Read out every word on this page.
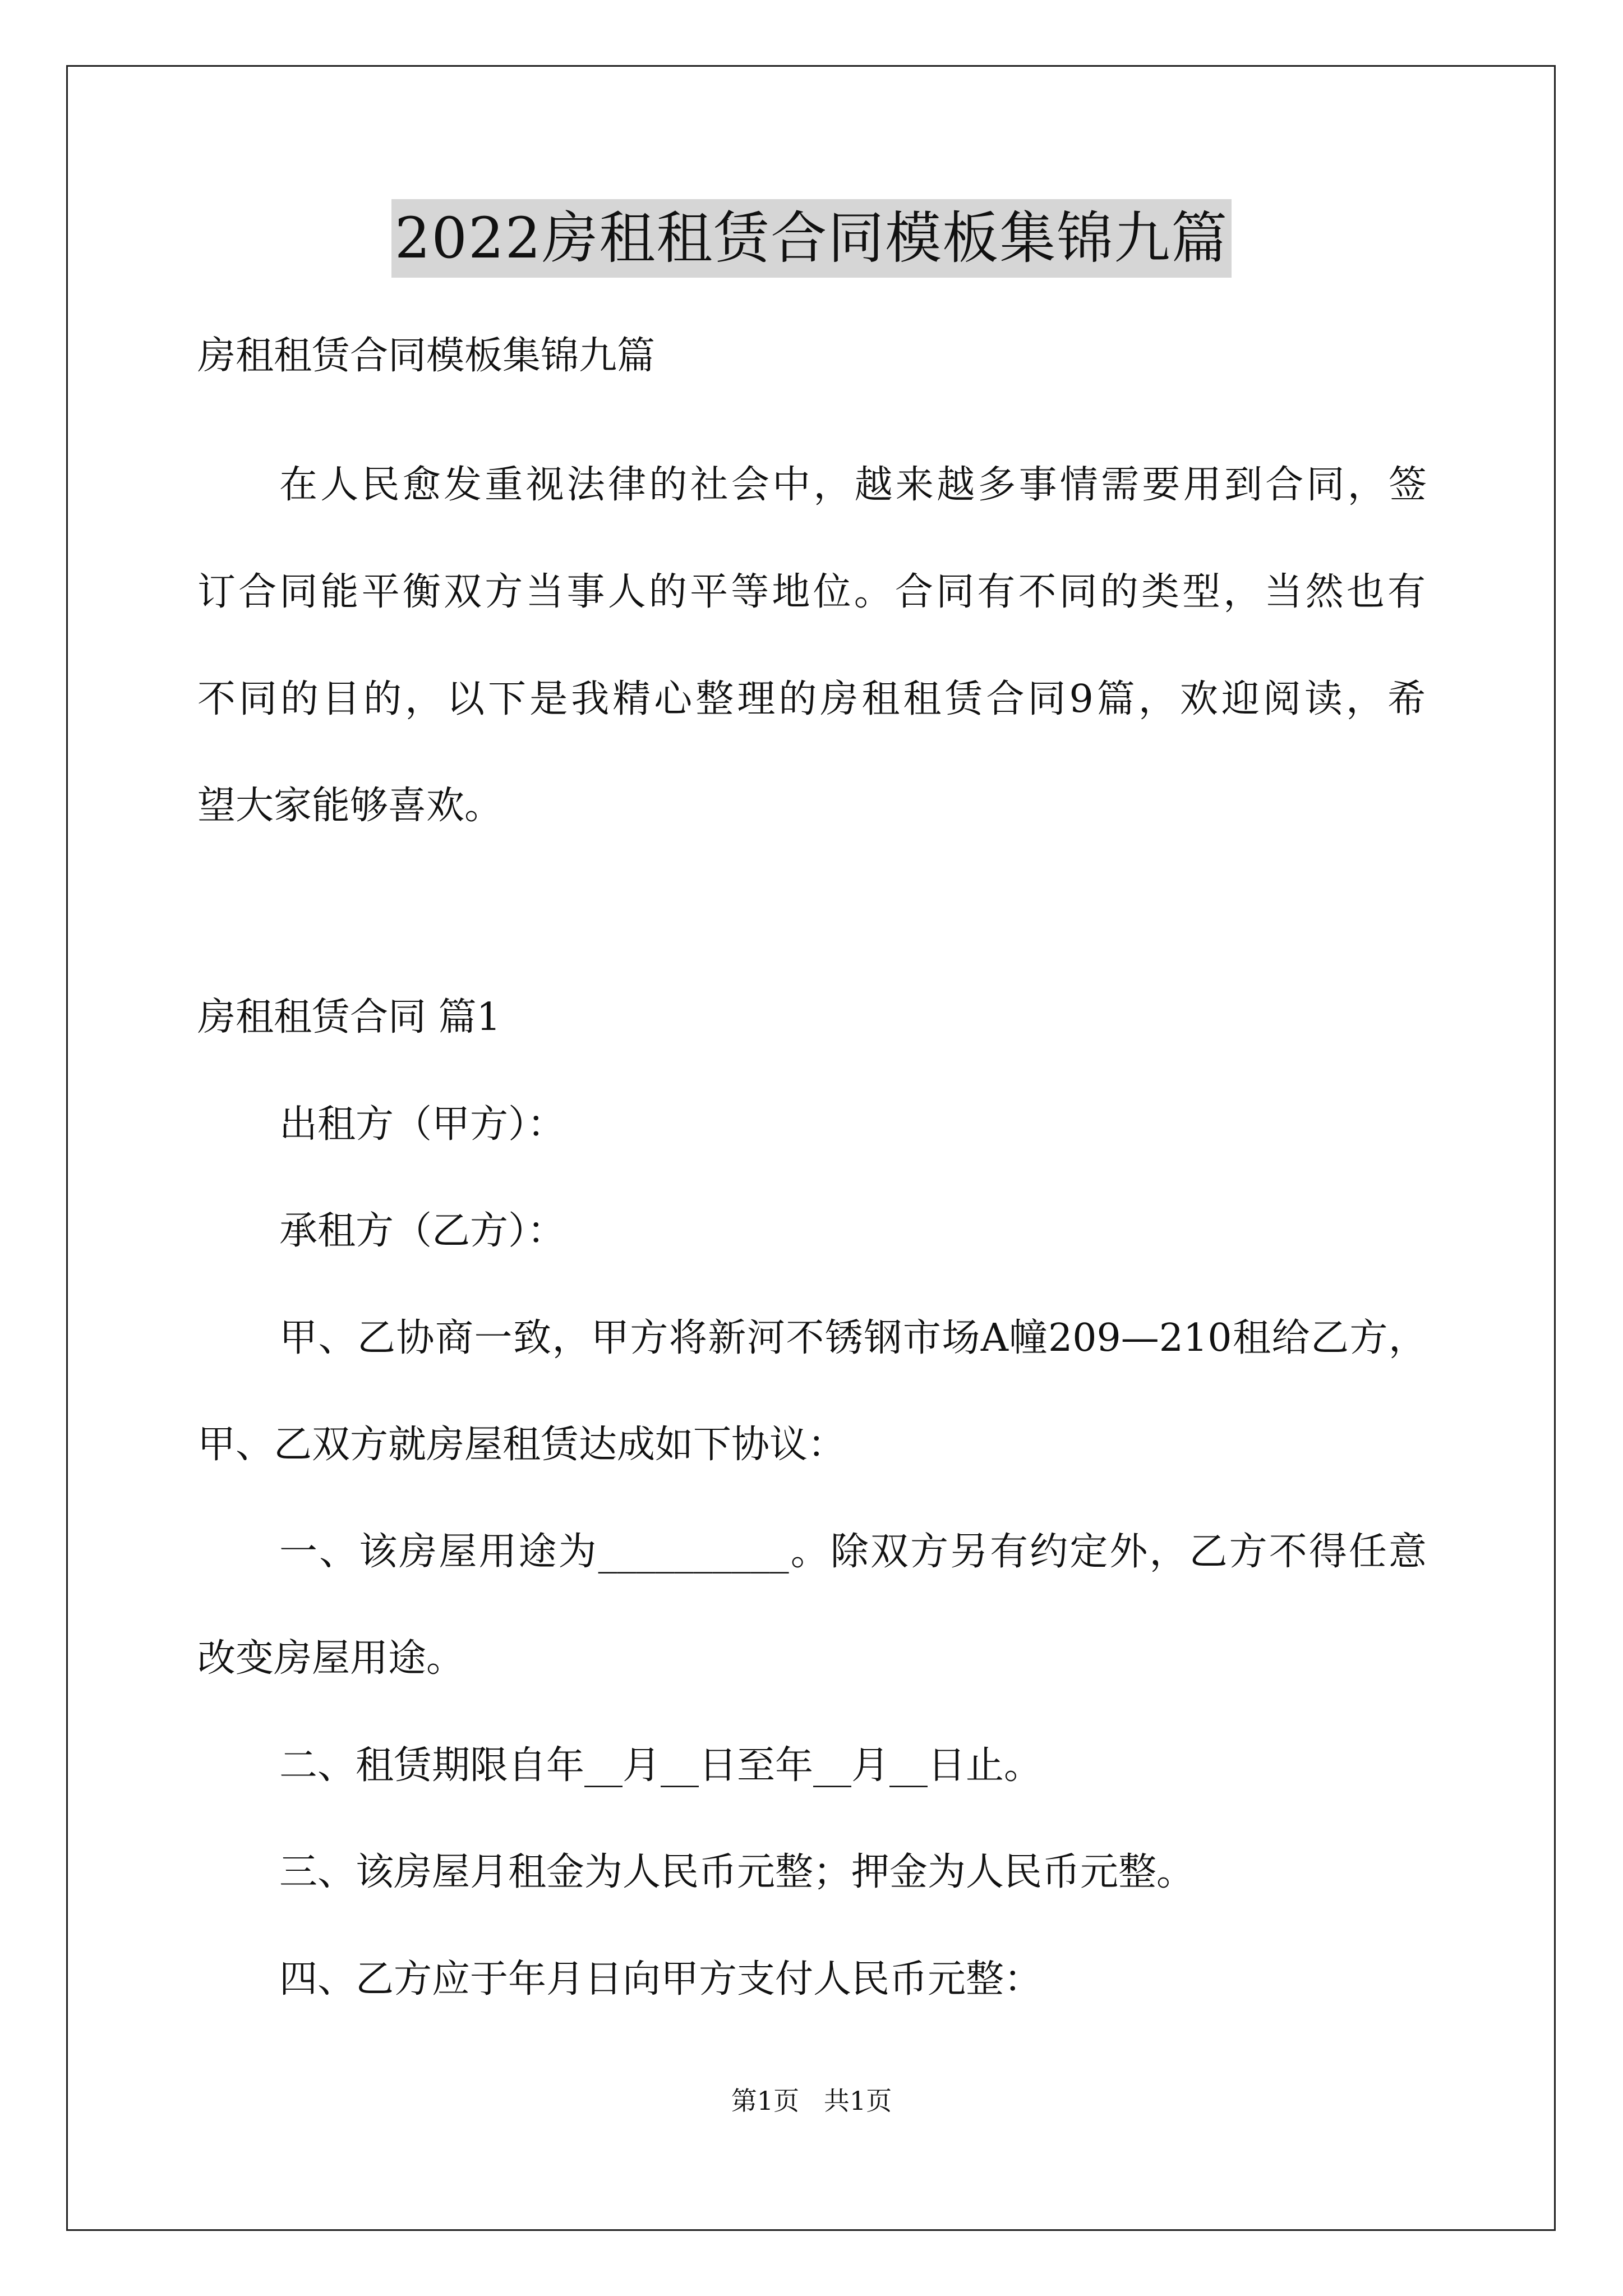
2022房租租赁合同模板集锦九篇

房租租赁合同模板集锦九篇

在人民愈发重视法律的社会中，越来越多事情需要用到合同，签

订合同能平衡双方当事人的平等地位。合同有不同的类型，当然也有

不同的目的，以下是我精心整理的房租租赁合同9篇，欢迎阅读，希

望大家能够喜欢。

房租租赁合同 篇1

出租方（甲方）：

承租方（乙方）：

甲、乙协商一致，甲方将新河不锈钢市场A幢209—210租给乙方，

甲、乙双方就房屋租赁达成如下协议：

一、该房屋用途为__________。除双方另有约定外，乙方不得任意

改变房屋用途。

二、租赁期限自年__月__日至年__月__日止。

三、该房屋月租金为人民币元整；押金为人民币元整。

四、乙方应于年月日向甲方支付人民币元整：

第1页   共1页
